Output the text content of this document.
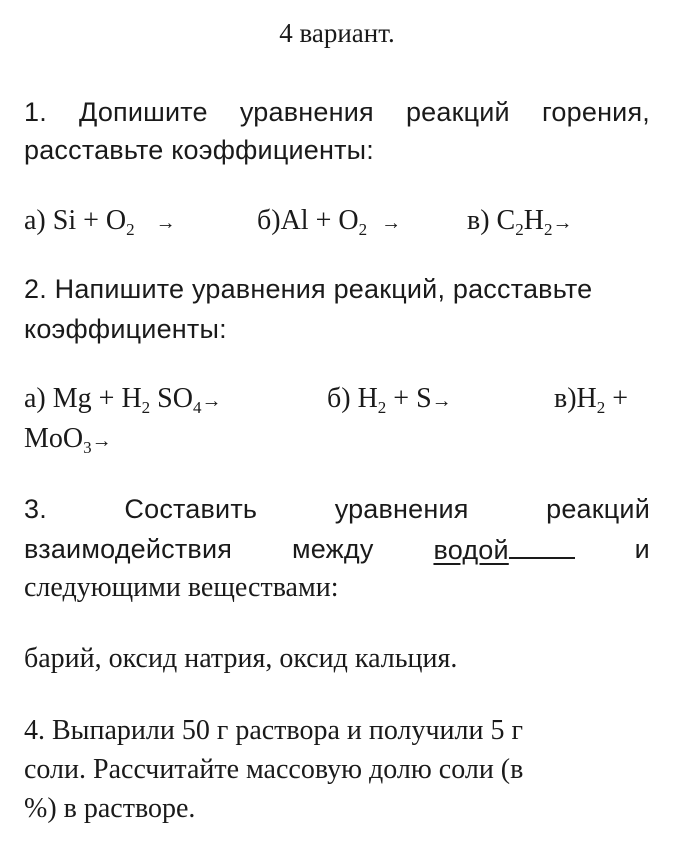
4 вариант.
1. Допишите уравнения реакций горения,
расставьте коэффициенты:
а) $Si + O_2$ →	$б)Al + O_2 \to в$) $C_2H_2\to$
2. Напишите уравнения реакций, расставьте
коэффициенты:
а) $Mg + H_2$ $SO_4\to$	б) $H_2 + S\to$	$в)H_2$ +
MoO$_3$→
3.	Составить	уравнения	реакций
взаимодействия между водой	и
следующими веществами:
барий, оксид натрия, оксид кальция.
4. Выпарили 50 г раствора и получили 5 г
соли. Рассчитайте массовую долю соли (в
%) в растворе.
